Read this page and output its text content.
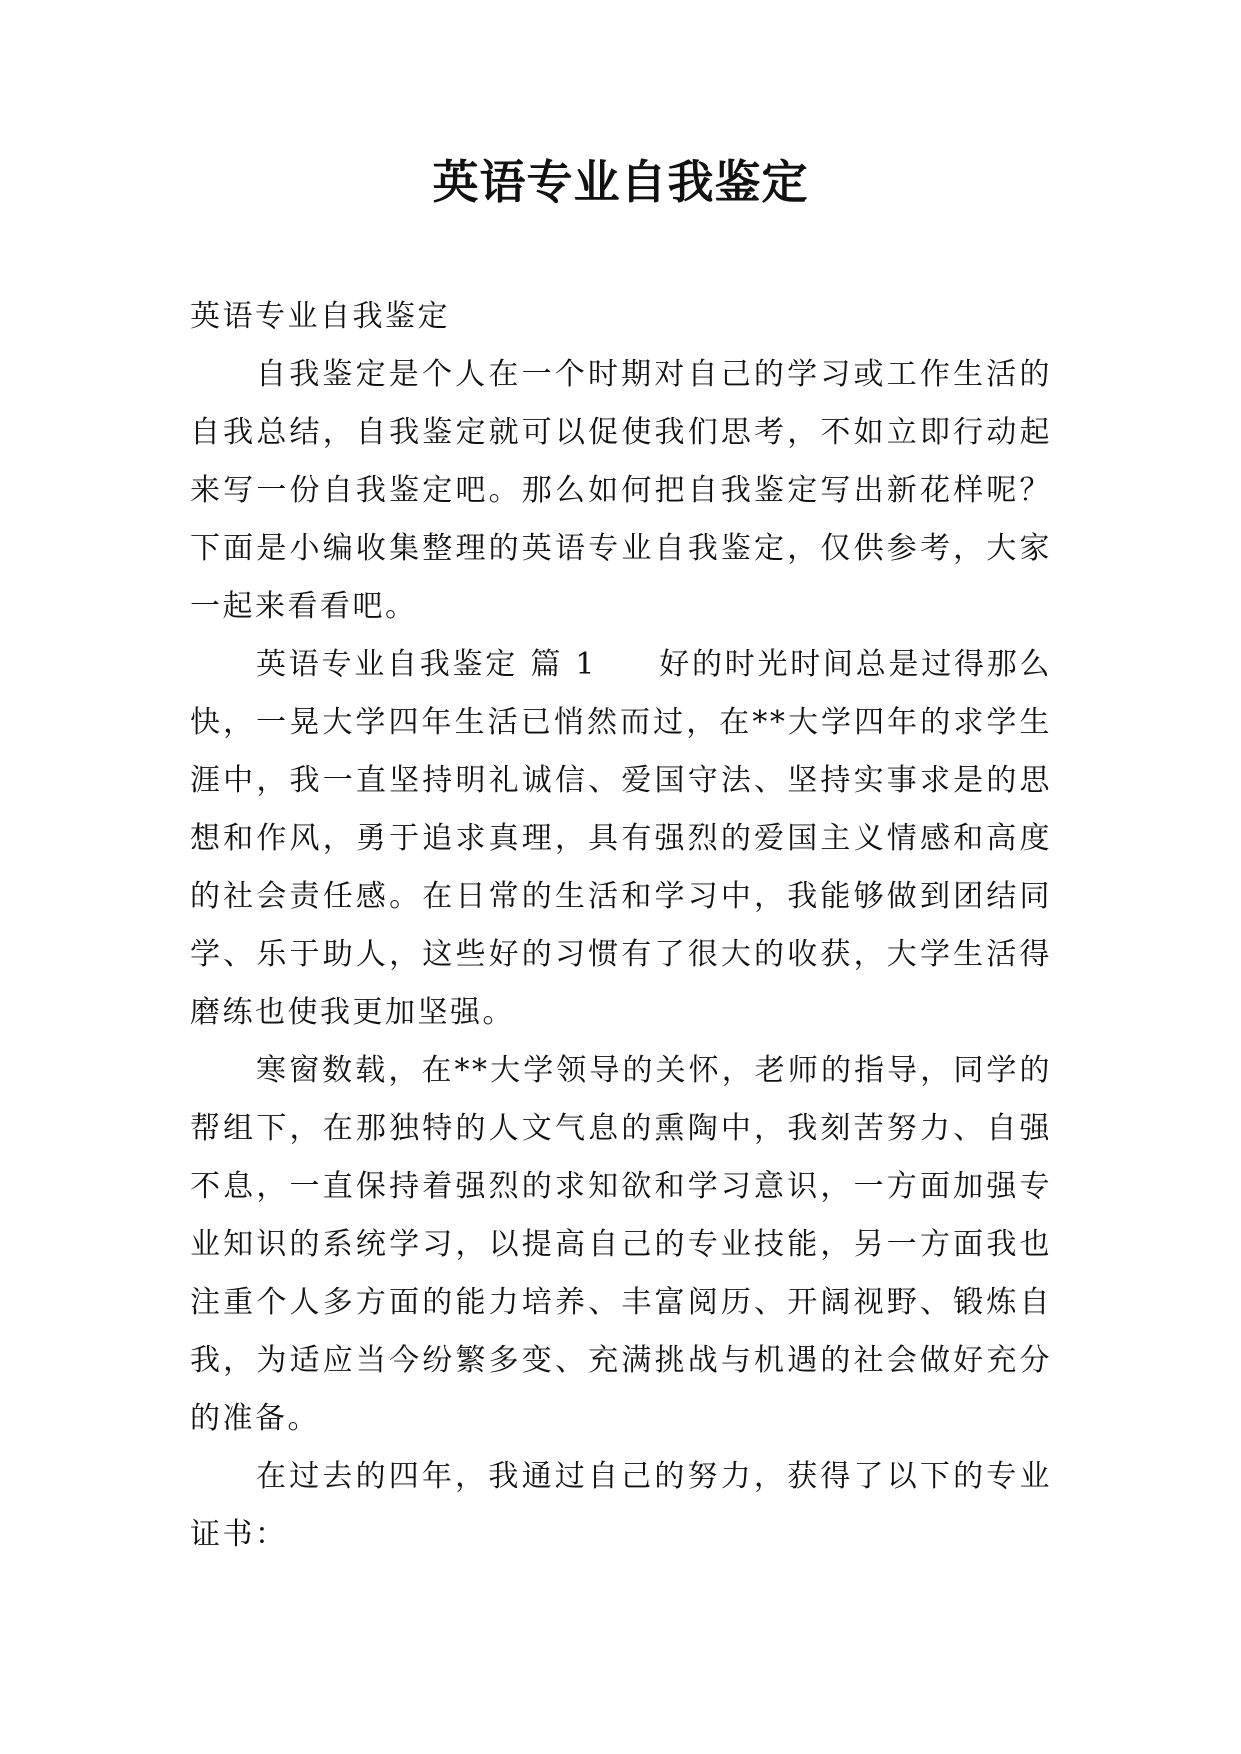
英语专业自我鉴定

英语专业自我鉴定

自我鉴定是个人在一个时期对自己的学习或工作生活的自我总结，自我鉴定就可以促使我们思考，不如立即行动起来写一份自我鉴定吧。那么如何把自我鉴定写出新花样呢？下面是小编收集整理的英语专业自我鉴定，仅供参考，大家一起来看看吧。

英语专业自我鉴定 篇 1 好的时光时间总是过得那么快，一晃大学四年生活已悄然而过，在**大学四年的求学生涯中，我一直坚持明礼诚信、爱国守法、坚持实事求是的思想和作风，勇于追求真理，具有强烈的爱国主义情感和高度的社会责任感。在日常的生活和学习中，我能够做到团结同学、乐于助人，这些好的习惯有了很大的收获，大学生活得磨练也使我更加坚强。

寒窗数载，在**大学领导的关怀，老师的指导，同学的帮组下，在那独特的人文气息的熏陶中，我刻苦努力、自强不息，一直保持着强烈的求知欲和学习意识，一方面加强专业知识的系统学习，以提高自己的专业技能，另一方面我也注重个人多方面的能力培养、丰富阅历、开阔视野、锻炼自我，为适应当今纷繁多变、充满挑战与机遇的社会做好充分的准备。

在过去的四年，我通过自己的努力，获得了以下的专业证书：
